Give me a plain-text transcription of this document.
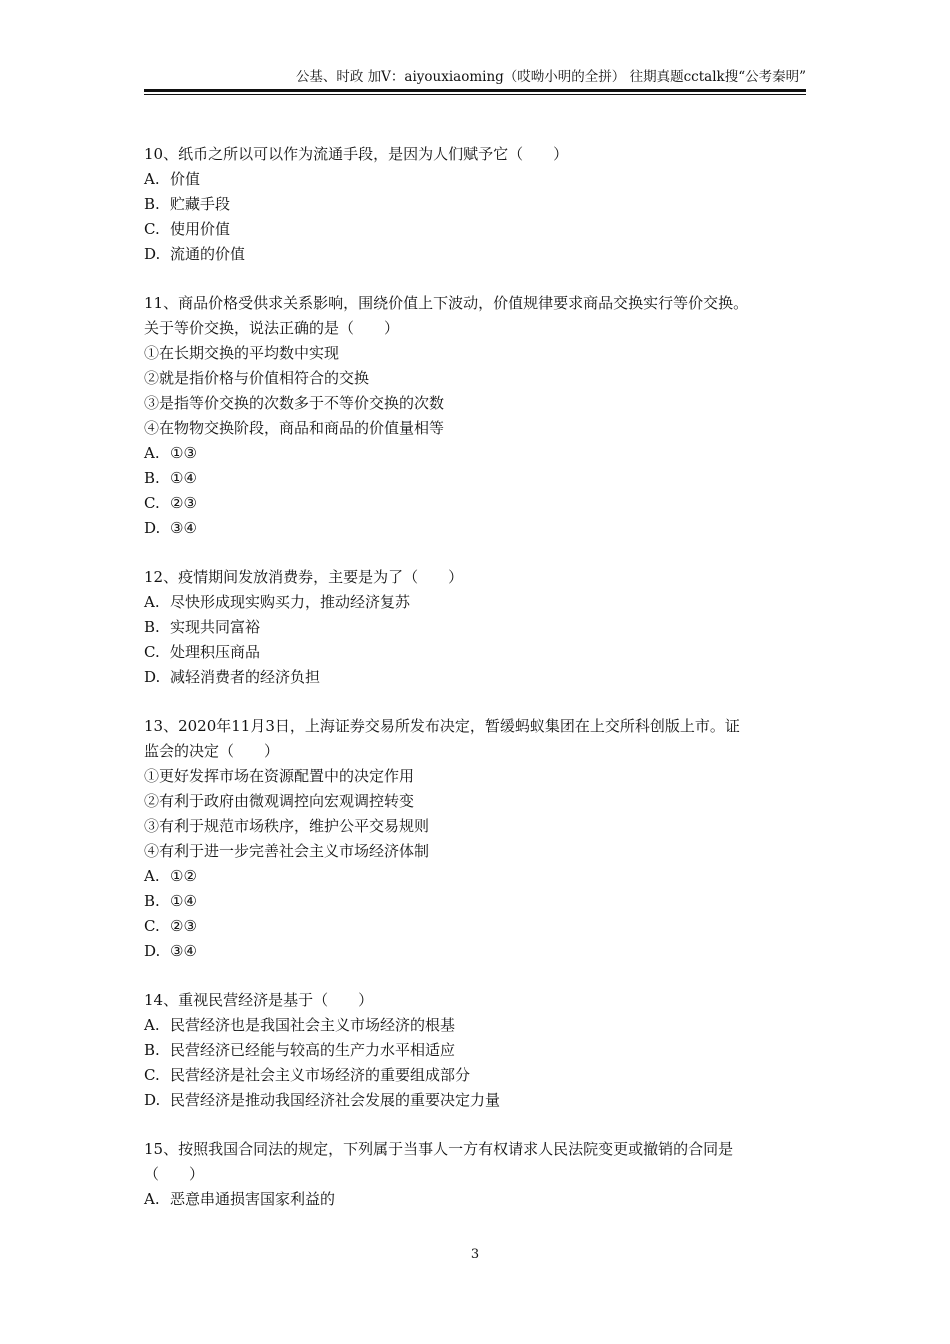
公基、时政 加V：aiyouxiaoming（哎呦小明的全拼） 往期真题cctalk搜“公考秦明”
10、纸币之所以可以作为流通手段，是因为人们赋予它（　　）
A. 价值
B. 贮藏手段
C. 使用价值
D. 流通的价值
11、商品价格受供求关系影响，围绕价值上下波动，价值规律要求商品交换实行等价交换。
关于等价交换，说法正确的是（　　）
①在长期交换的平均数中实现
②就是指价格与价值相符合的交换
③是指等价交换的次数多于不等价交换的次数
④在物物交换阶段，商品和商品的价值量相等
A. ①③
B. ①④
C. ②③
D. ③④
12、疫情期间发放消费券，主要是为了（　　）
A. 尽快形成现实购买力，推动经济复苏
B. 实现共同富裕
C. 处理积压商品
D. 减轻消费者的经济负担
13、2020年11月3日，上海证券交易所发布决定，暂缓蚂蚁集团在上交所科创版上市。证
监会的决定（　　）
①更好发挥市场在资源配置中的决定作用
②有利于政府由微观调控向宏观调控转变
③有利于规范市场秩序，维护公平交易规则
④有利于进一步完善社会主义市场经济体制
A. ①②
B. ①④
C. ②③
D. ③④
14、重视民营经济是基于（　　）
A. 民营经济也是我国社会主义市场经济的根基
B. 民营经济已经能与较高的生产力水平相适应
C. 民营经济是社会主义市场经济的重要组成部分
D. 民营经济是推动我国经济社会发展的重要决定力量
15、按照我国合同法的规定，下列属于当事人一方有权请求人民法院变更或撤销的合同是
（　　）
A. 恶意串通损害国家利益的
3
